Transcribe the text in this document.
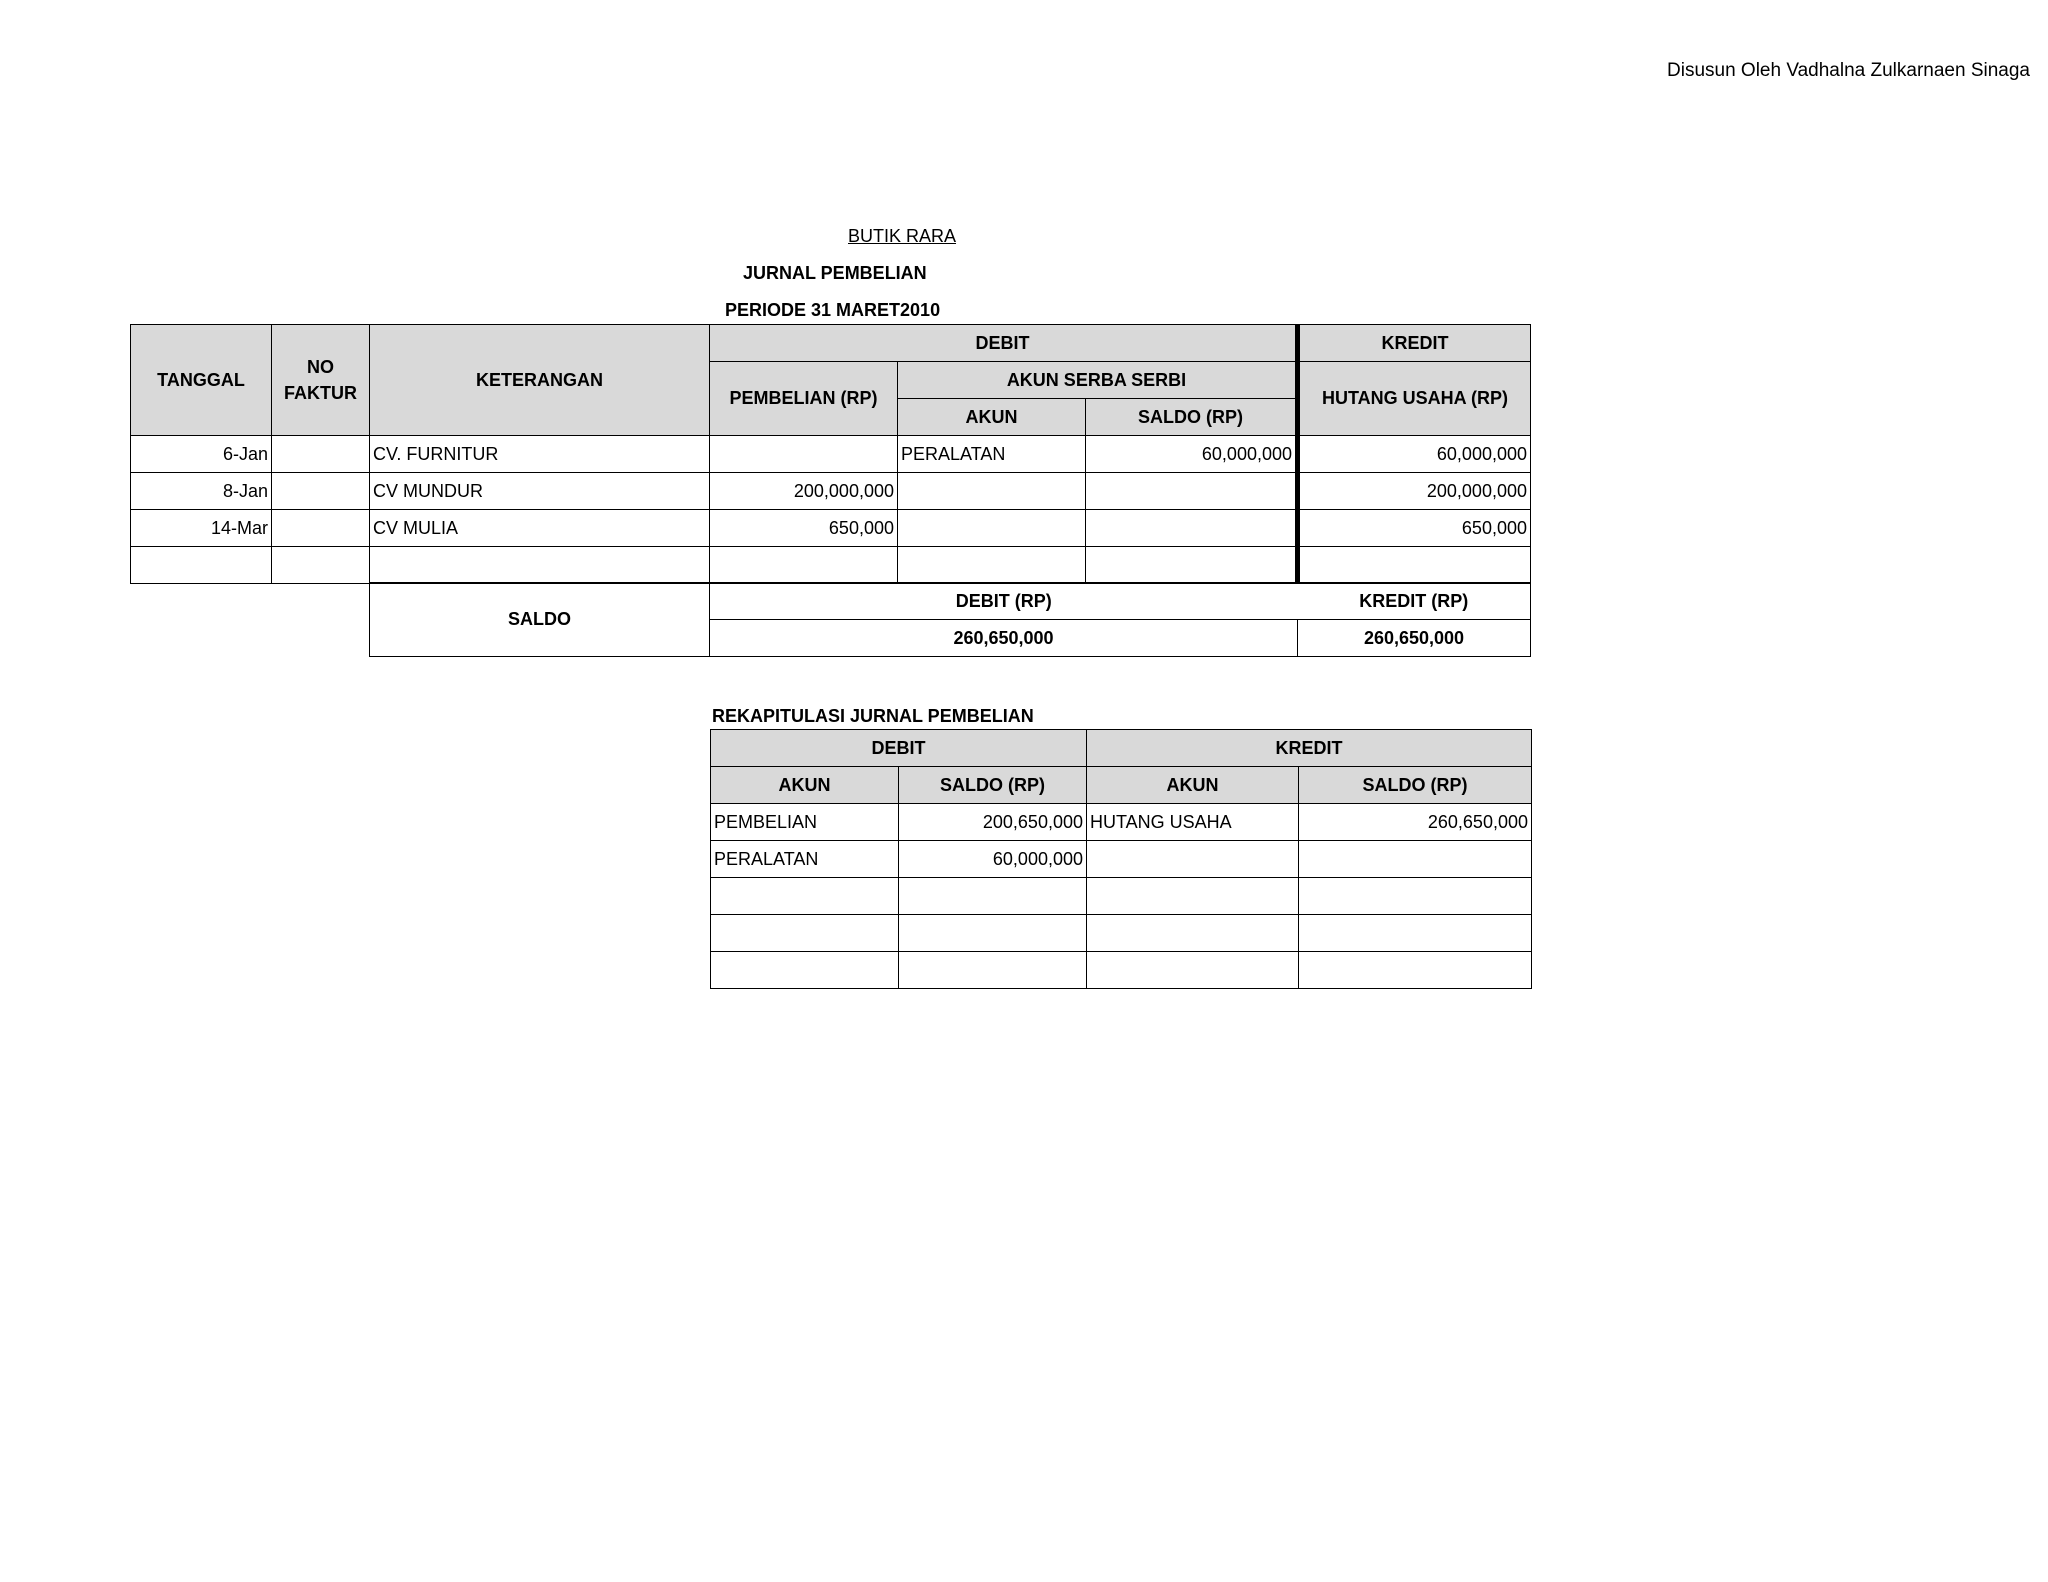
Disusun Oleh Vadhalna Zulkarnaen Sinaga
BUTIK RARA
JURNAL PEMBELIAN
PERIODE 31 MARET2010
TANGGAL	NO FAKTUR	KETERANGAN	DEBIT			KREDIT
			PEMBELIAN (RP)	AKUN SERBA SERBI		HUTANG USAHA (RP)
				AKUN	SALDO (RP)	
6-Jan		CV. FURNITUR		PERALATAN	60,000,000	60,000,000
8-Jan		CV MUNDUR	200,000,000			200,000,000
14-Mar		CV MULIA	650,000			650,000

SALDO	DEBIT (RP)	KREDIT (RP)
	260,650,000	260,650,000
REKAPITULASI JURNAL PEMBELIAN
DEBIT		KREDIT	
AKUN	SALDO (RP)	AKUN	SALDO (RP)
PEMBELIAN	200,650,000	HUTANG USAHA	260,650,000
PERALATAN	60,000,000		
